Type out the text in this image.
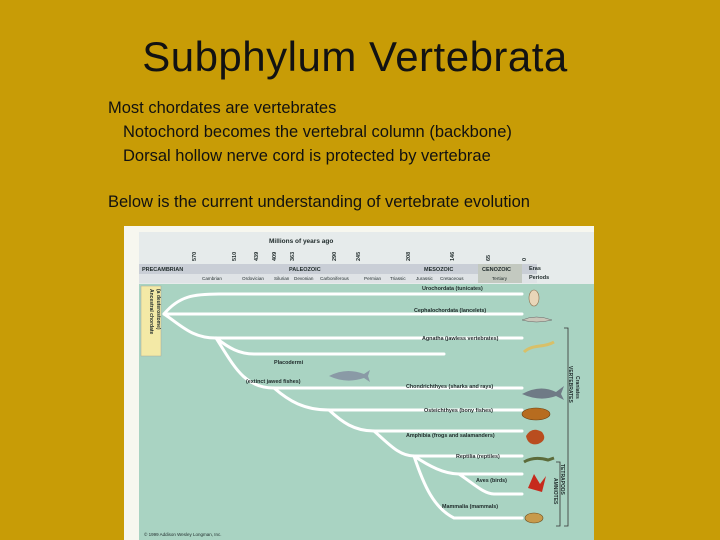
Subphylum Vertebrata
Most chordates are vertebrates
Notochord becomes the vertebral column (backbone)
Dorsal hollow nerve cord is protected by vertebrae
Below is the current understanding of vertebrate evolution
Millions of years ago
570	510	439 409 363	290	245	208	146	65	0
PRECAMBRIAN	PALEOZOIC	MESOZOIC	CENOZOIC	Eras
Periods
Cambrian	Ordovician Silurian Devonian Carboniferous	Permian Triassic Jurassic Cretaceous	Tertiary
Ancestral chordate (a deuterostome)	Urochordata (tunicates)
Cephalochordata (lancelets)
Agnatha (jawless vertebrates)
Placodermi
(extinct jawed fishes)
Chondrichthyes (sharks and rays)
Osteichthyes (bony fishes)
Amphibia (frogs and salamanders)
Reptilia (reptiles)
Aves (birds)
Mammalia (mammals)
Craniates
VERTEBRATES
TETRAPODS
AMNIOTES
© 1999 Addison Wesley Longman, Inc.
